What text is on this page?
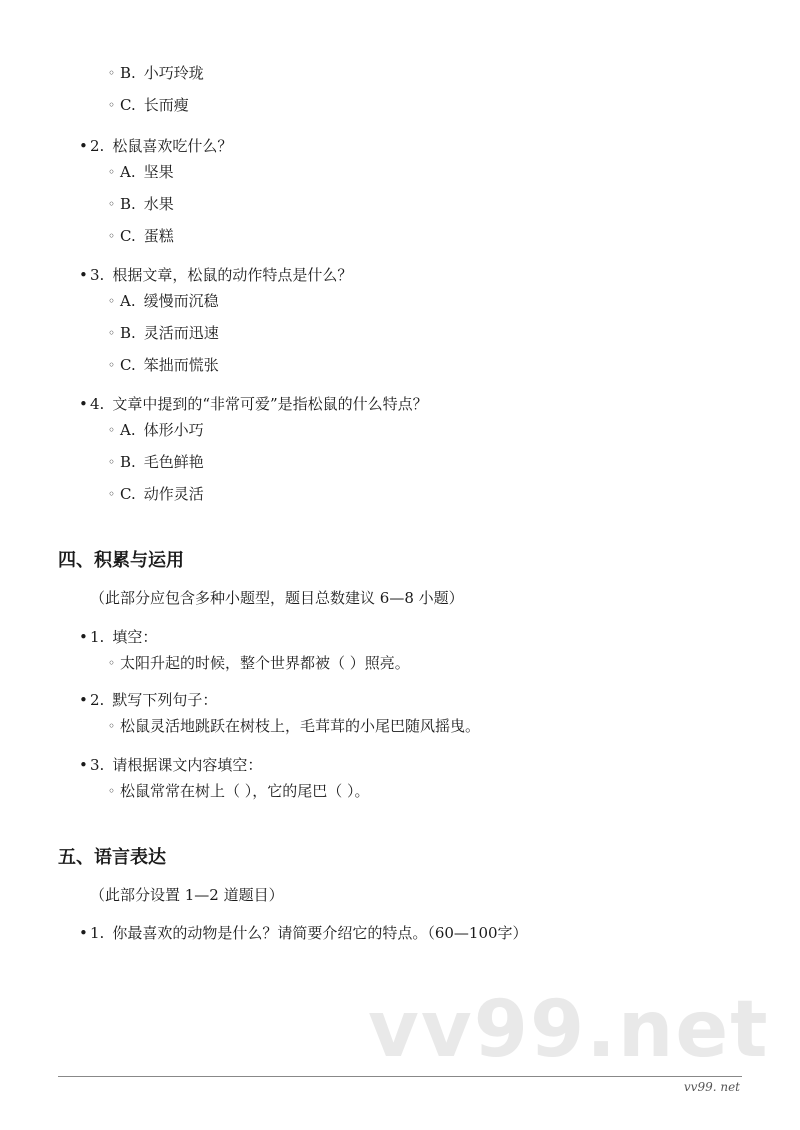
◦ B. 小巧玲珑
◦ C. 长而瘦
• 2. 松鼠喜欢吃什么？
◦ A. 坚果
◦ B. 水果
◦ C. 蛋糕
• 3. 根据文章，松鼠的动作特点是什么？
◦ A. 缓慢而沉稳
◦ B. 灵活而迅速
◦ C. 笨拙而慌张
• 4. 文章中提到的“非常可爱”是指松鼠的什么特点？
◦ A. 体形小巧
◦ B. 毛色鲜艳
◦ C. 动作灵活
四、积累与运用
（此部分应包含多种小题型，题目总数建议 6—8 小题）
• 1. 填空：
◦ 太阳升起的时候，整个世界都被（ ）照亮。
• 2. 默写下列句子：
◦ 松鼠灵活地跳跃在树枝上，毛茸茸的小尾巴随风摇曳。
• 3. 请根据课文内容填空：
◦ 松鼠常常在树上（ ），它的尾巴（ ）。
五、语言表达
（此部分设置 1—2 道题目）
• 1. 你最喜欢的动物是什么？请简要介绍它的特点。（60—100字）
vv99.net
vv99. net
